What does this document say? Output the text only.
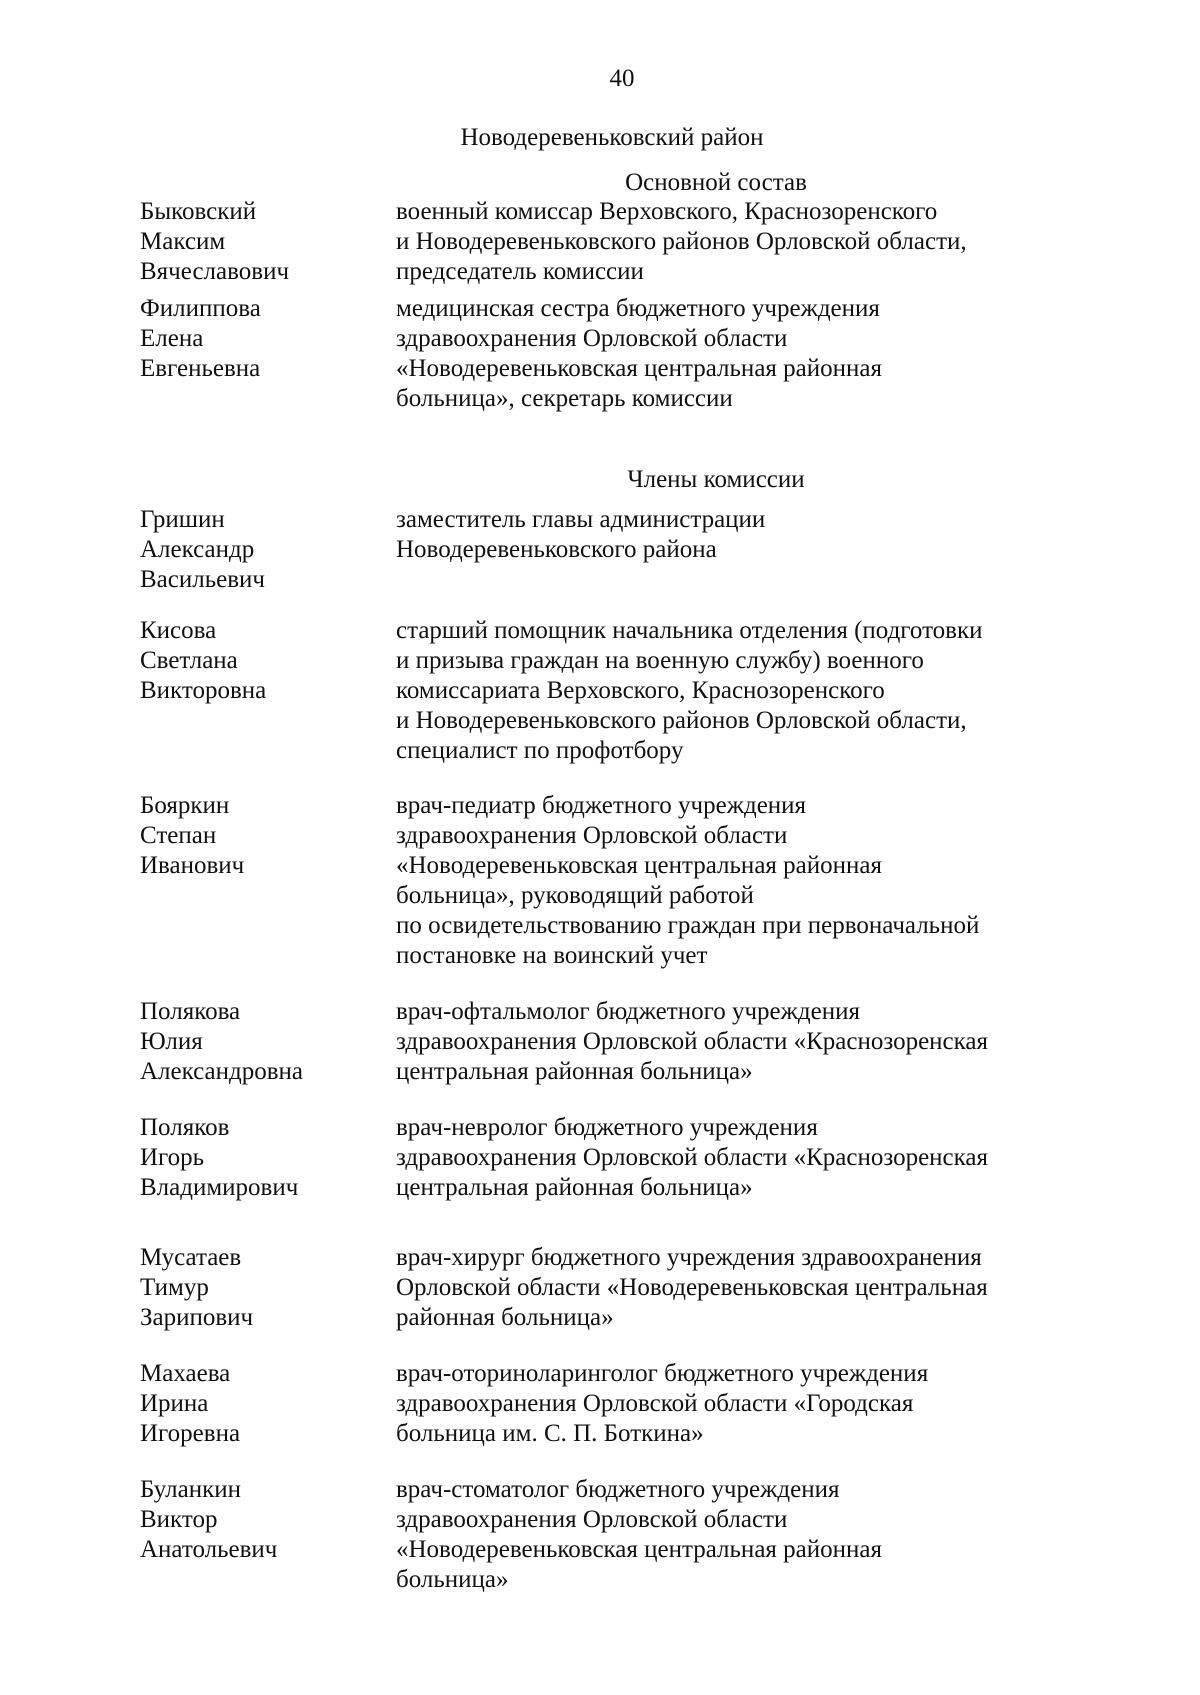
40
Новодеревеньковский район
Основной состав
Члены комиссии
Быковский
Максим
Вячеславович
военный комиссар Верховского, Краснозоренского
и Новодеревеньковского районов Орловской области,
председатель комиссии
Филиппова
Елена
Евгеньевна
медицинская сестра бюджетного учреждения
здравоохранения Орловской области
«Новодеревеньковская центральная районная
больница», секретарь комиссии
Гришин
Александр
Васильевич
заместитель главы администрации
Новодеревеньковского района
Кисова
Светлана
Викторовна
старший помощник начальника отделения (подготовки
и призыва граждан на военную службу) военного
комиссариата Верховского, Краснозоренского
и Новодеревеньковского районов Орловской области,
специалист по профотбору
Бояркин
Степан
Иванович
врач-педиатр бюджетного учреждения
здравоохранения Орловской области
«Новодеревеньковская центральная районная
больница», руководящий работой
по освидетельствованию граждан при первоначальной
постановке на воинский учет
Полякова
Юлия
Александровна
врач-офтальмолог бюджетного учреждения
здравоохранения Орловской области «Краснозоренская
центральная районная больница»
Поляков
Игорь
Владимирович
врач-невролог бюджетного учреждения
здравоохранения Орловской области «Краснозоренская
центральная районная больница»
Мусатаев
Тимур
Зарипович
врач-хирург бюджетного учреждения здравоохранения
Орловской области «Новодеревеньковская центральная
районная больница»
Махаева
Ирина
Игоревна
врач-оториноларинголог бюджетного учреждения
здравоохранения Орловской области «Городская
больница им. С. П. Боткина»
Буланкин
Виктор
Анатольевич
врач-стоматолог бюджетного учреждения
здравоохранения Орловской области
«Новодеревеньковская центральная районная
больница»
